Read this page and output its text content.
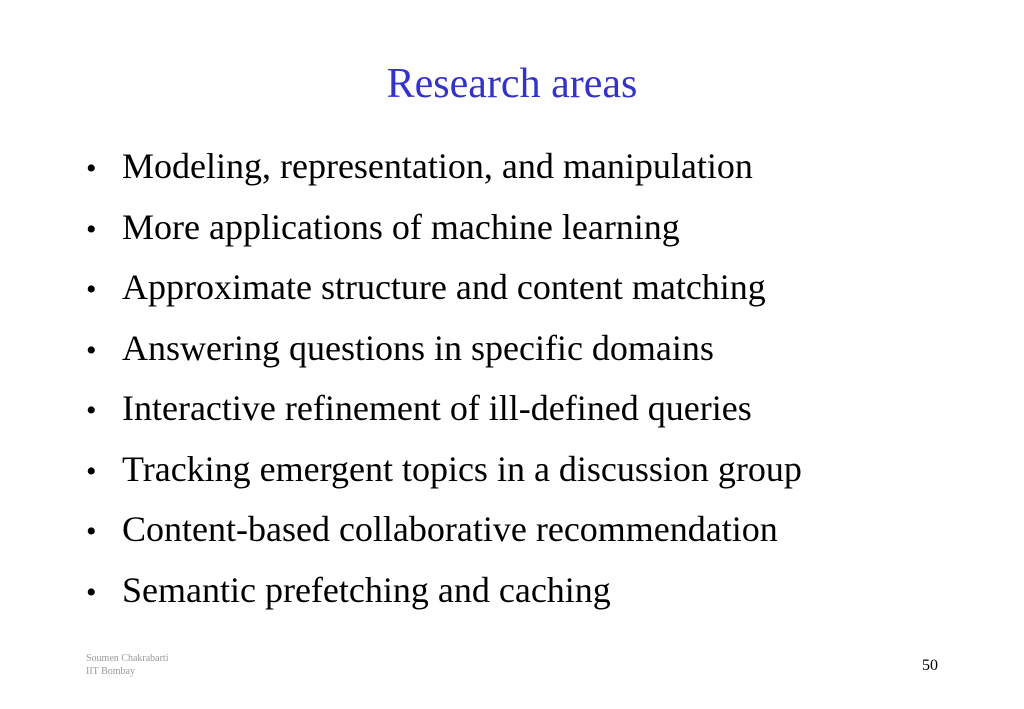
Research areas
• Modeling, representation, and manipulation
• More applications of machine learning
• Approximate structure and content matching
• Answering questions in specific domains
• Interactive refinement of ill-defined queries
• Tracking emergent topics in a discussion group
• Content-based collaborative recommendation
• Semantic prefetching and caching
Soumen Chakrabarti
IIT Bombay	50
